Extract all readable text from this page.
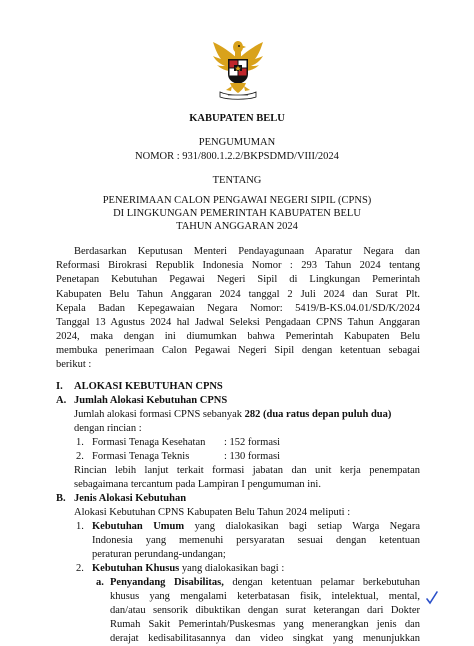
KABUPATEN BELU
PENGUMUMAN
NOMOR : 931/800.1.2.2/BKPSDMD/VIII/2024
TENTANG
PENERIMAAN CALON PENGAWAI NEGERI SIPIL (CPNS)
DI LINGKUNGAN PEMERINTAH KABUPATEN BELU
TAHUN ANGGARAN 2024
Berdasarkan Keputusan Menteri Pendayagunaan Aparatur Negara dan
Reformasi Birokrasi Republik Indonesia Nomor : 293 Tahun 2024 tentang
Penetapan Kebutuhan Pegawai Negeri Sipil di Lingkungan Pemerintah
Kabupaten Belu Tahun Anggaran 2024 tanggal 2 Juli 2024 dan Surat Plt.
Kepala Badan Kepegawaian Negara Nomor: 5419/B-KS.04.01/SD/K/2024
Tanggal 13 Agustus 2024 hal Jadwal Seleksi Pengadaan CPNS Tahun Anggaran
2024, maka dengan ini diumumkan bahwa Pemerintah Kabupaten Belu
membuka penerimaan Calon Pegawai Negeri Sipil dengan ketentuan sebagai
berikut :
I. ALOKASI KEBUTUHAN CPNS
A. Jumlah Alokasi Kebutuhan CPNS
Jumlah alokasi formasi CPNS sebanyak 282 (dua ratus depan puluh dua)
dengan rincian :
1. Formasi Tenaga Kesehatan : 152 formasi
2. Formasi Tenaga Teknis	: 130 formasi
Rincian lebih lanjut terkait formasi jabatan dan unit kerja penempatan
sebagaimana tercantum pada Lampiran I pengumuman ini.
B. Jenis Alokasi Kebutuhan
Alokasi Kebutuhan CPNS Kabupaten Belu Tahun 2024 meliputi :
1. Kebutuhan Umum yang dialokasikan bagi setiap Warga Negara
Indonesia yang memenuhi persyaratan sesuai dengan ketentuan
peraturan perundang-undangan;
2. Kebutuhan Khusus yang dialokasikan bagi :
a. Penyandang Disabilitas, dengan ketentuan pelamar berkebutuhan
khusus yang mengalami keterbatasan fisik, intelektual, mental,
dan/atau sensorik dibuktikan dengan surat keterangan dari Dokter
Rumah Sakit Pemerintah/Puskesmas yang menerangkan jenis dan
derajat kedisabilitasannya dan video singkat yang menunjukkan
